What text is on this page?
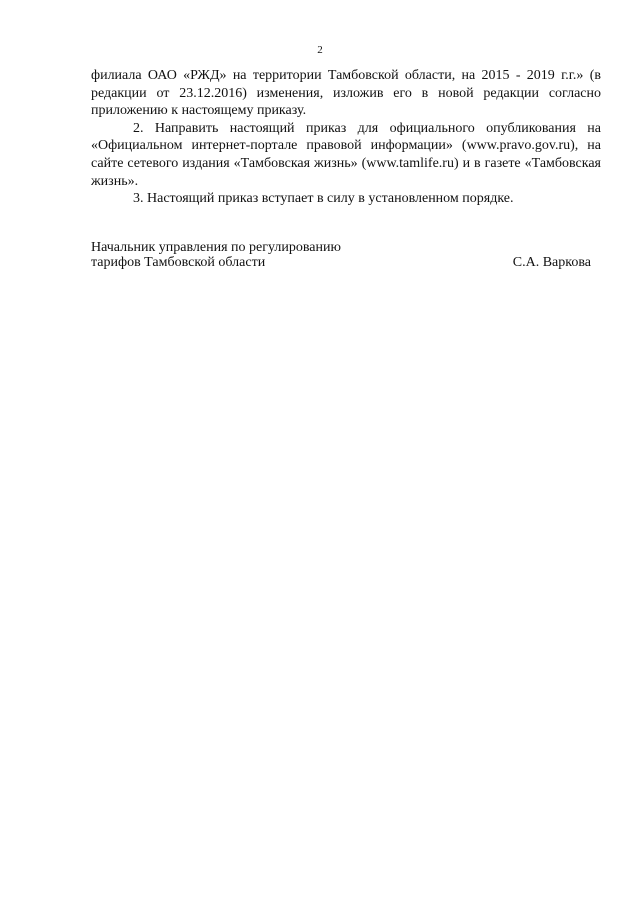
2

филиала ОАО «РЖД» на территории Тамбовской области, на 2015 - 2019 г.г.» (в редакции от 23.12.2016) изменения, изложив его в новой редакции согласно приложению к настоящему приказу.

2. Направить настоящий приказ для официального опубликования на «Официальном интернет-портале правовой информации» (www.pravo.gov.ru), на сайте сетевого издания «Тамбовская жизнь» (www.tamlife.ru) и в газете «Тамбовская жизнь».

3. Настоящий приказ вступает в силу в установленном порядке.

Начальник управления по регулированию
тарифов Тамбовской области	С.А. Варкова
